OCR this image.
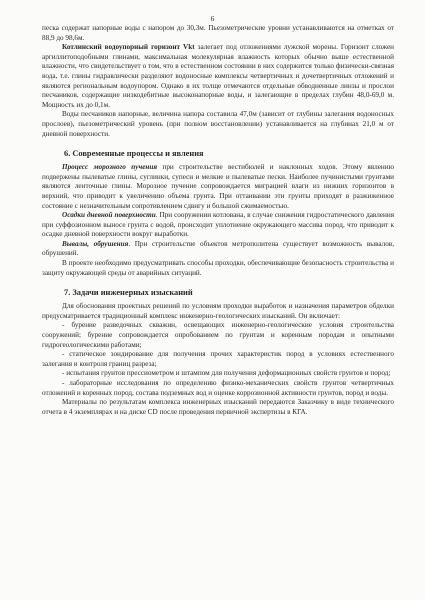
6

песка содержат напорные воды с напором до 30,3м. Пьезометрические уровни устанавливаются на отметках от 88,9 до 98,6м.

Котлинский водоупорный горизонт Vkt залегает под отложениями лужской морены. Горизонт сложен аргиллитоподобными глинами, максимальная молекулярная влажность которых обычно выше естественной влажности, что свидетельствует о том, что в естественном состоянии в них содержится только физически-связная вода, т.е. глины гидравлически разделяют водоносные комплексы четвертичных и дочетвертичных отложений и являются региональным водоупором. Однако в их толще отмечаются отдельные обводненные линзы и прослои песчаников, содержащие низкодебитные высоконапорные воды, и залегающие в пределах глубин 48,0-69,0 м. Мощность их до 0,1м.

Воды песчаников напорные, величина напора составила 47,0м (зависит от глубины залегания водоносных прослоев), пьезометрический уровень (при полном восстановлении) устанавливается на глубинах 21,0 м от дневной поверхности.

6. Современные процессы и явления

Процесс морозного пучения при строительстве вестибюлей и наклонных ходов. Этому явлению подвержены пылеватые глины, суглинки, супеси и мелкие и пылеватые пески. Наиболее пучинистыми грунтами являются ленточные глины. Морозное пучение сопровождается миграцией влаги из нижних горизонтов в верхний, что приводит к увеличению объема грунта. При оттаивании эти грунты приходят в разжиженное состояние с незначительным сопротивлением сдвигу и большой сжимаемостью.

Осадки дневной поверхности. При сооружении котлована, в случае снижения гидростатического давления при суффозионном выносе грунта с водой, происходит уплотнение окружающего массива пород, что приводит к осадке дневной поверхности вокруг выработки.

Вывалы, обрушения. При строительстве объектов метрополитена существует возможность вывалов, обрушений.

В проекте необходимо предусматривать способы проходки, обеспечивающие безопасность строительства и защиту окружающей среды от аварийных ситуаций.

7. Задачи инженерных изысканий

Для обоснования проектных решений по условиям проходки выработок и назначения параметров обделки предусматривается традиционный комплекс инженерно-геологических изысканий. Он включает:

- бурение разведочных скважин, освещающих инженерно-геологические условия строительства сооружений; бурение сопровождается опробованием по грунтам и коренным породам и опытными гидрогеологическими работами;

- статическое зондирование для получения прочих характеристик пород в условиях естественного залегания и контроля границ разреза;

- испытания грунтов прессиометром и штампом для получения деформационных свойств грунтов и пород;

- лабораторные исследования по определению физико-механических свойств грунтов четвертичных отложений и коренных пород, состава подземных вод и оценке коррозионной активности грунтов, пород и воды.

Материалы по результатам комплекса инженерных изысканий передаются Заказчику в виде технического отчета в 4 экземплярах и на диске CD после проведения первичной экспертизы в КГА.
